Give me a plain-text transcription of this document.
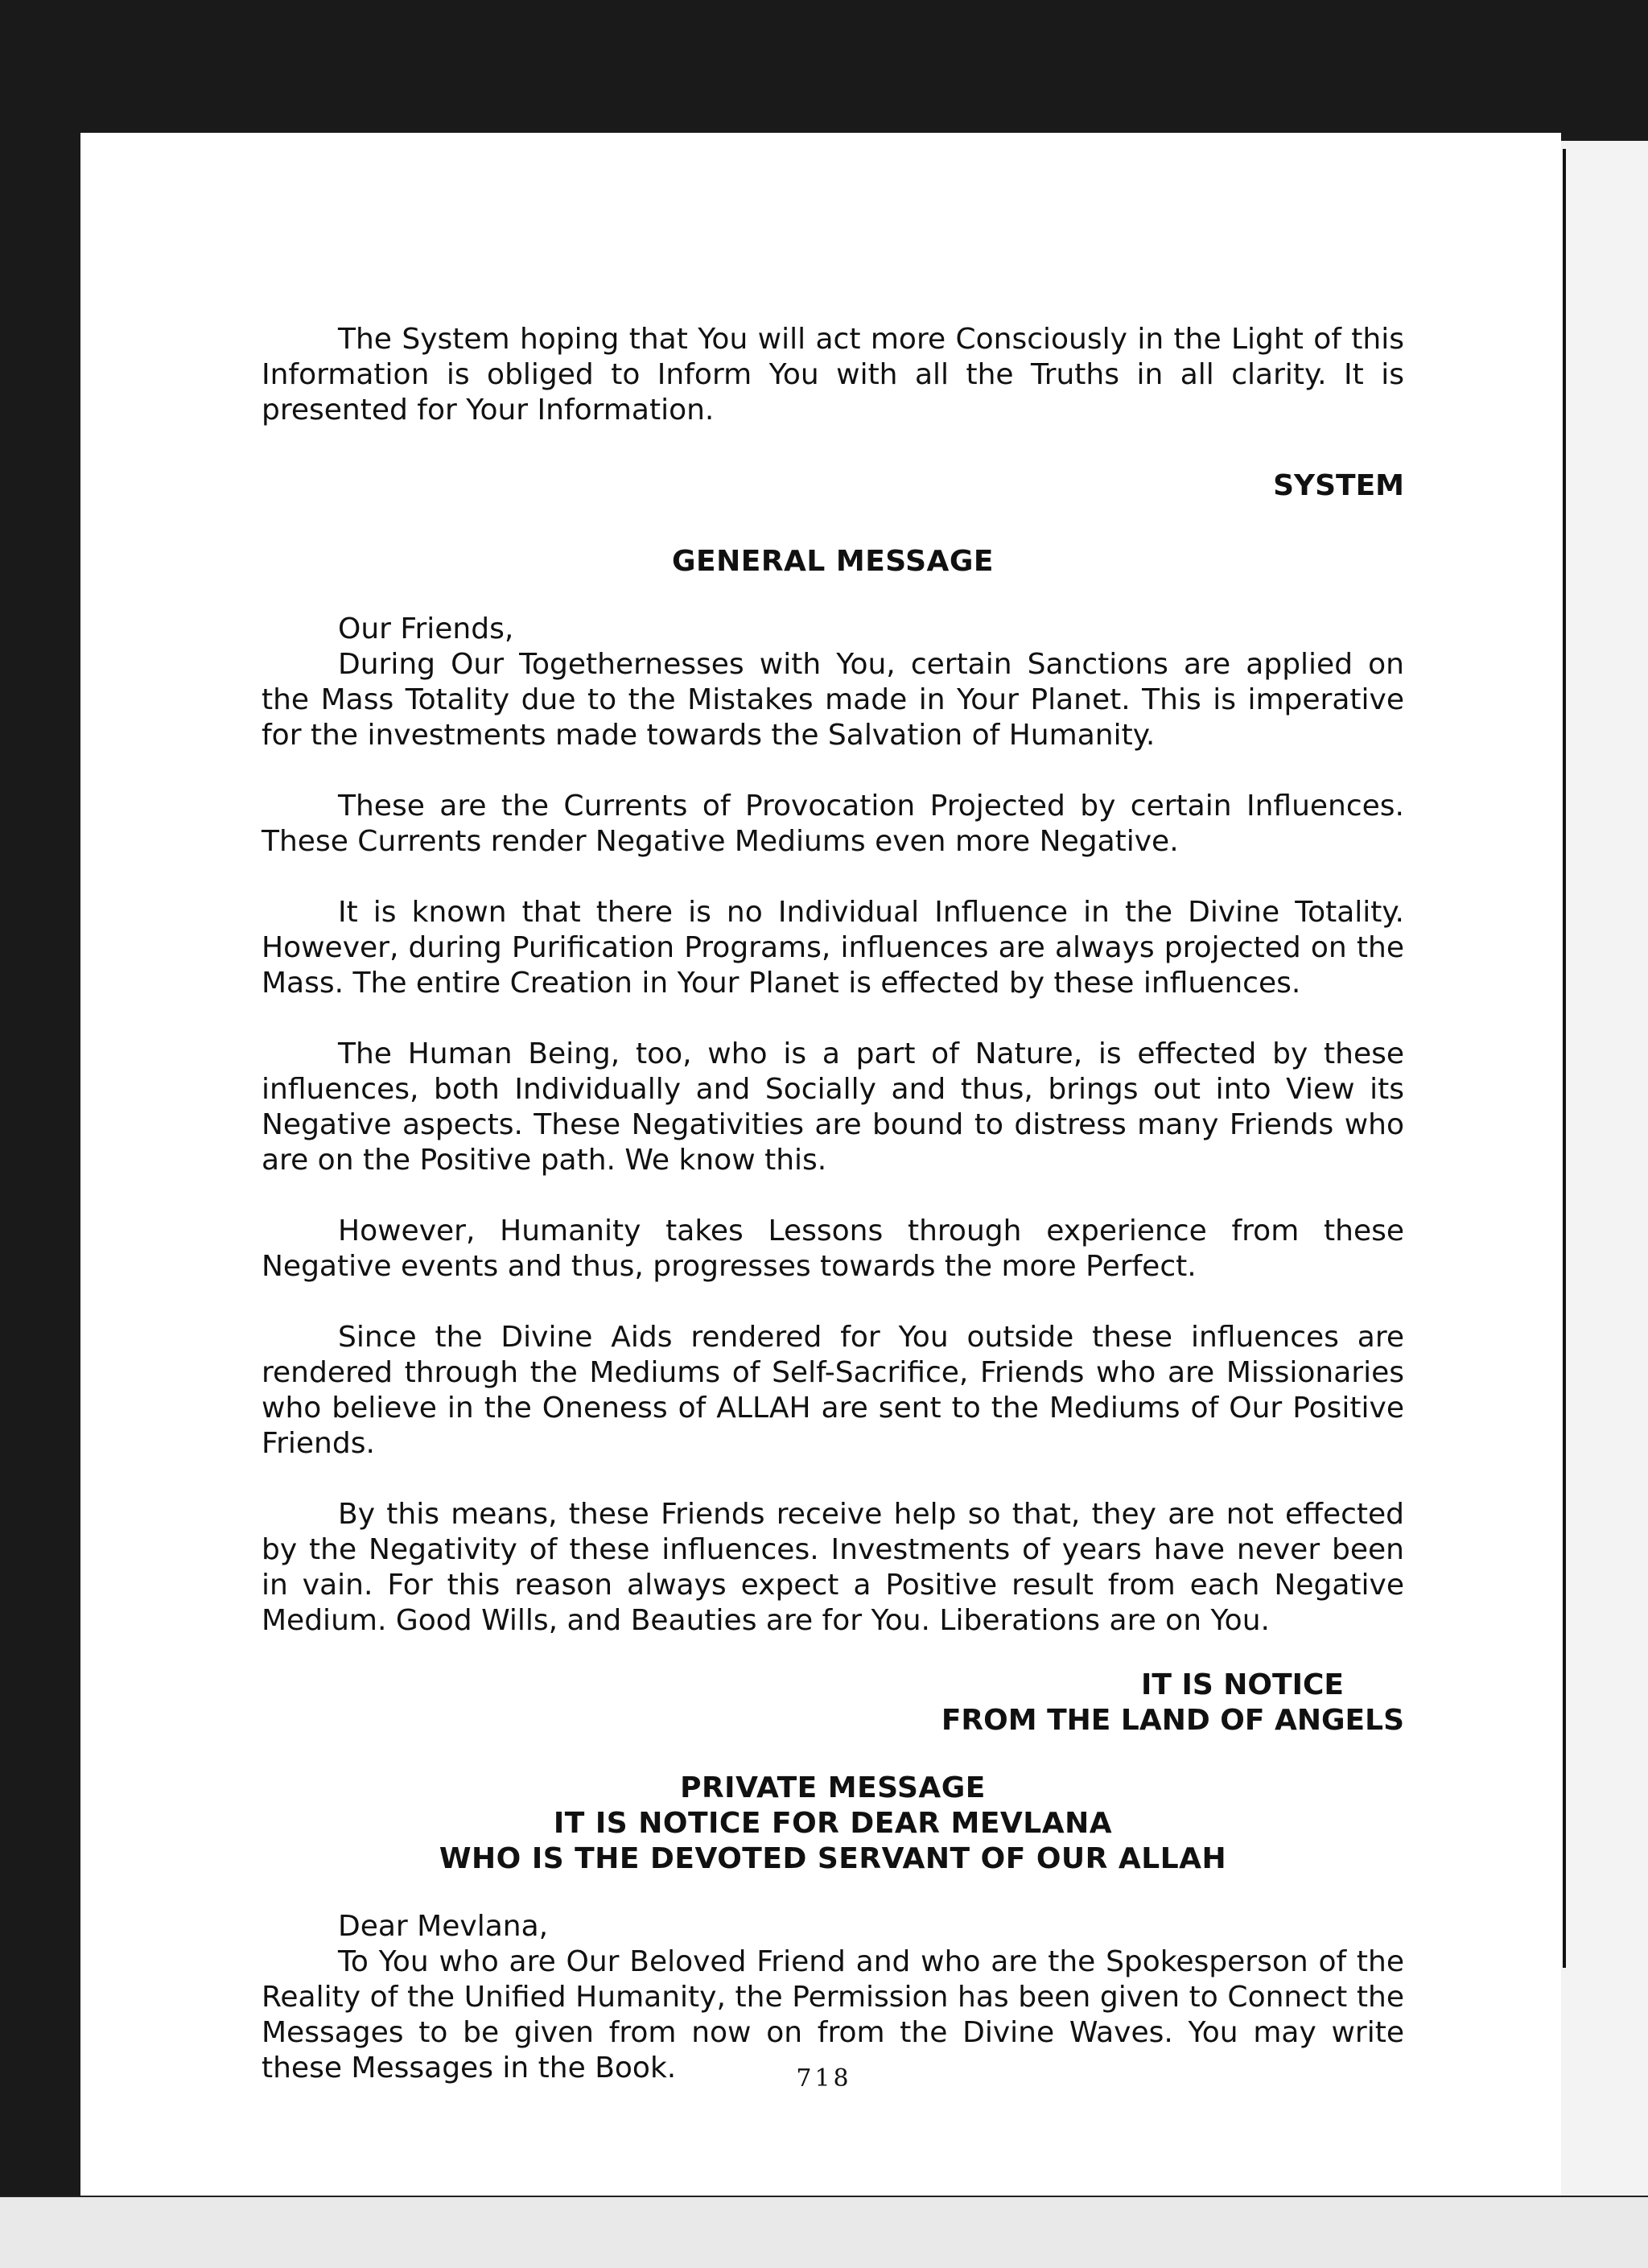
The System hoping that You will act more Consciously in the Light of this Information is obliged to Inform You with all the Truths in all clarity. It is presented for Your Information.

SYSTEM

GENERAL MESSAGE

Our Friends,

During Our Togethernesses with You, certain Sanctions are applied on the Mass Totality due to the Mistakes made in Your Planet. This is imperative for the investments made towards the Salvation of Humanity.

These are the Currents of Provocation Projected by certain Influences. These Currents render Negative Mediums even more Negative.

It is known that there is no Individual Influence in the Divine Totality. However, during Purification Programs, influences are always projected on the Mass. The entire Creation in Your Planet is effected by these influences.

The Human Being, too, who is a part of Nature, is effected by these influences, both Individually and Socially and thus, brings out into View its Negative aspects. These Negativities are bound to distress many Friends who are on the Positive path. We know this.

However, Humanity takes Lessons through experience from these Negative events and thus, progresses towards the more Perfect.

Since the Divine Aids rendered for You outside these influences are rendered through the Mediums of Self-Sacrifice, Friends who are Missionaries who believe in the Oneness of ALLAH are sent to the Mediums of Our Positive Friends.

By this means, these Friends receive help so that, they are not effected by the Negativity of these influences. Investments of years have never been in vain. For this reason always expect a Positive result from each Negative Medium. Good Wills, and Beauties are for You. Liberations are on You.

IT IS NOTICE
FROM THE LAND OF ANGELS
PRIVATE MESSAGE
IT IS NOTICE FOR DEAR MEVLANA
WHO IS THE DEVOTED SERVANT OF OUR ALLAH

Dear Mevlana,

To You who are Our Beloved Friend and who are the Spokesperson of the Reality of the Unified Humanity, the Permission has been given to Connect the Messages to be given from now on from the Divine Waves. You may write these Messages in the Book.	718
